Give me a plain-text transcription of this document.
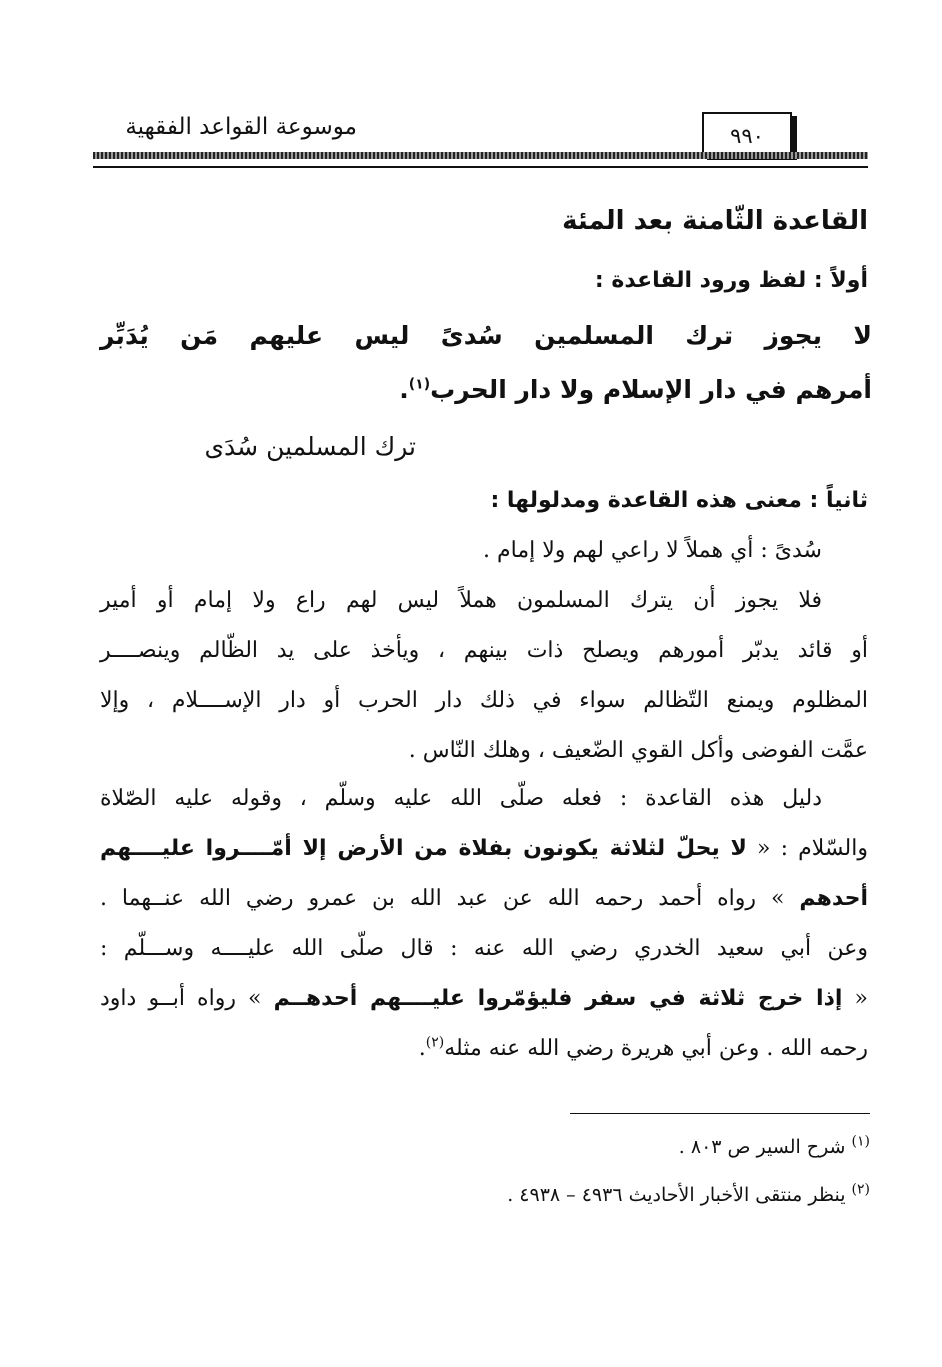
موسوعة القواعد الفقهية	٩٩٠
القاعدة الثّامنة بعد المئة
أولاً : لفظ ورود القاعدة :
لا يجوز ترك المسلمين سُدىً ليس عليهم مَن يُدَبِّر
أمرهم في دار الإسلام ولا دار الحرب$^{(١)}$.
ترك المسلمين سُدَى
ثانياً : معنى هذه القاعدة ومدلولها :
سُدىً : أي هملاً لا راعي لهم ولا إمام .
فلا يجوز أن يترك المسلمون هملاً ليس لهم راع ولا إمام أو أمير
أو قائد يدبّر أمورهم ويصلح ذات بينهم ، ويأخذ على يد الظّالم وينصــــر
المظلوم ويمنع التّظالم سواء في ذلك دار الحرب أو دار الإســــلام ، وإلا
عمَّت الفوضى وأكل القوي الضّعيف ، وهلك النّاس .
دليل هذه القاعدة : فعله صلّى الله عليه وسلّم ، وقوله عليه الصّلاة
والسّلام : « لا يحلّ لثلاثة يكونون بفلاة من الأرض إلا أمّــــروا عليــــهم
أحدهم » رواه أحمد رحمه الله عن عبد الله بن عمرو رضي الله عنــهما .
وعن أبي سعيد الخدري رضي الله عنه : قال صلّى الله عليــــه وســـلّم :
« إذا خرج ثلاثة في سفر فليؤمّروا عليــــهم أحدهــم » رواه أبــو داود
رحمه الله . وعن أبي هريرة رضي الله عنه مثله$^{(٢)}$.
$^{(١)}$ شرح السير ص ٨٠٣ .
$^{(٢)}$ ينظر منتقى الأخبار الأحاديث ٤٩٣٦ – ٤٩٣٨ .
